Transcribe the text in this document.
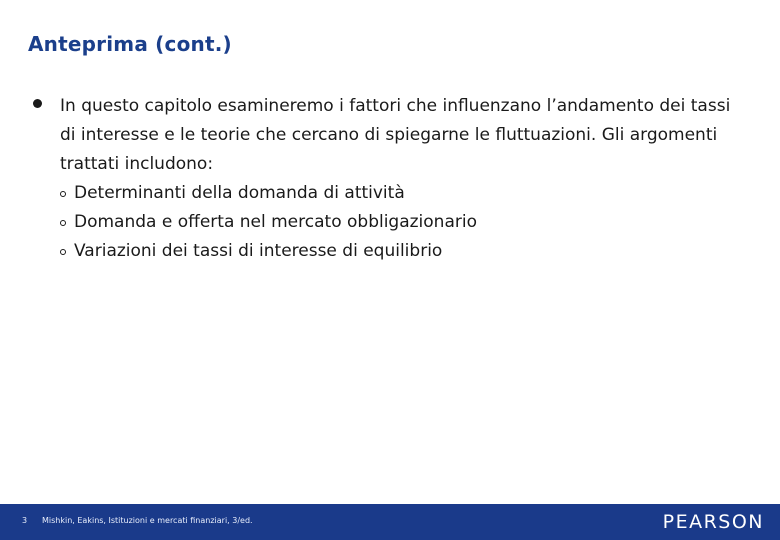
Anteprima (cont.)
In questo capitolo esamineremo i fattori che influenzano l’andamento dei tassi di interesse e le teorie che cercano di spiegarne le fluttuazioni. Gli argomenti trattati includono:
Determinanti della domanda di attività
Domanda e offerta nel mercato obbligazionario
Variazioni dei tassi di interesse di equilibrio
3 Mishkin, Eakins, Istituzioni e mercati finanziari, 3/ed.	PEARSON
